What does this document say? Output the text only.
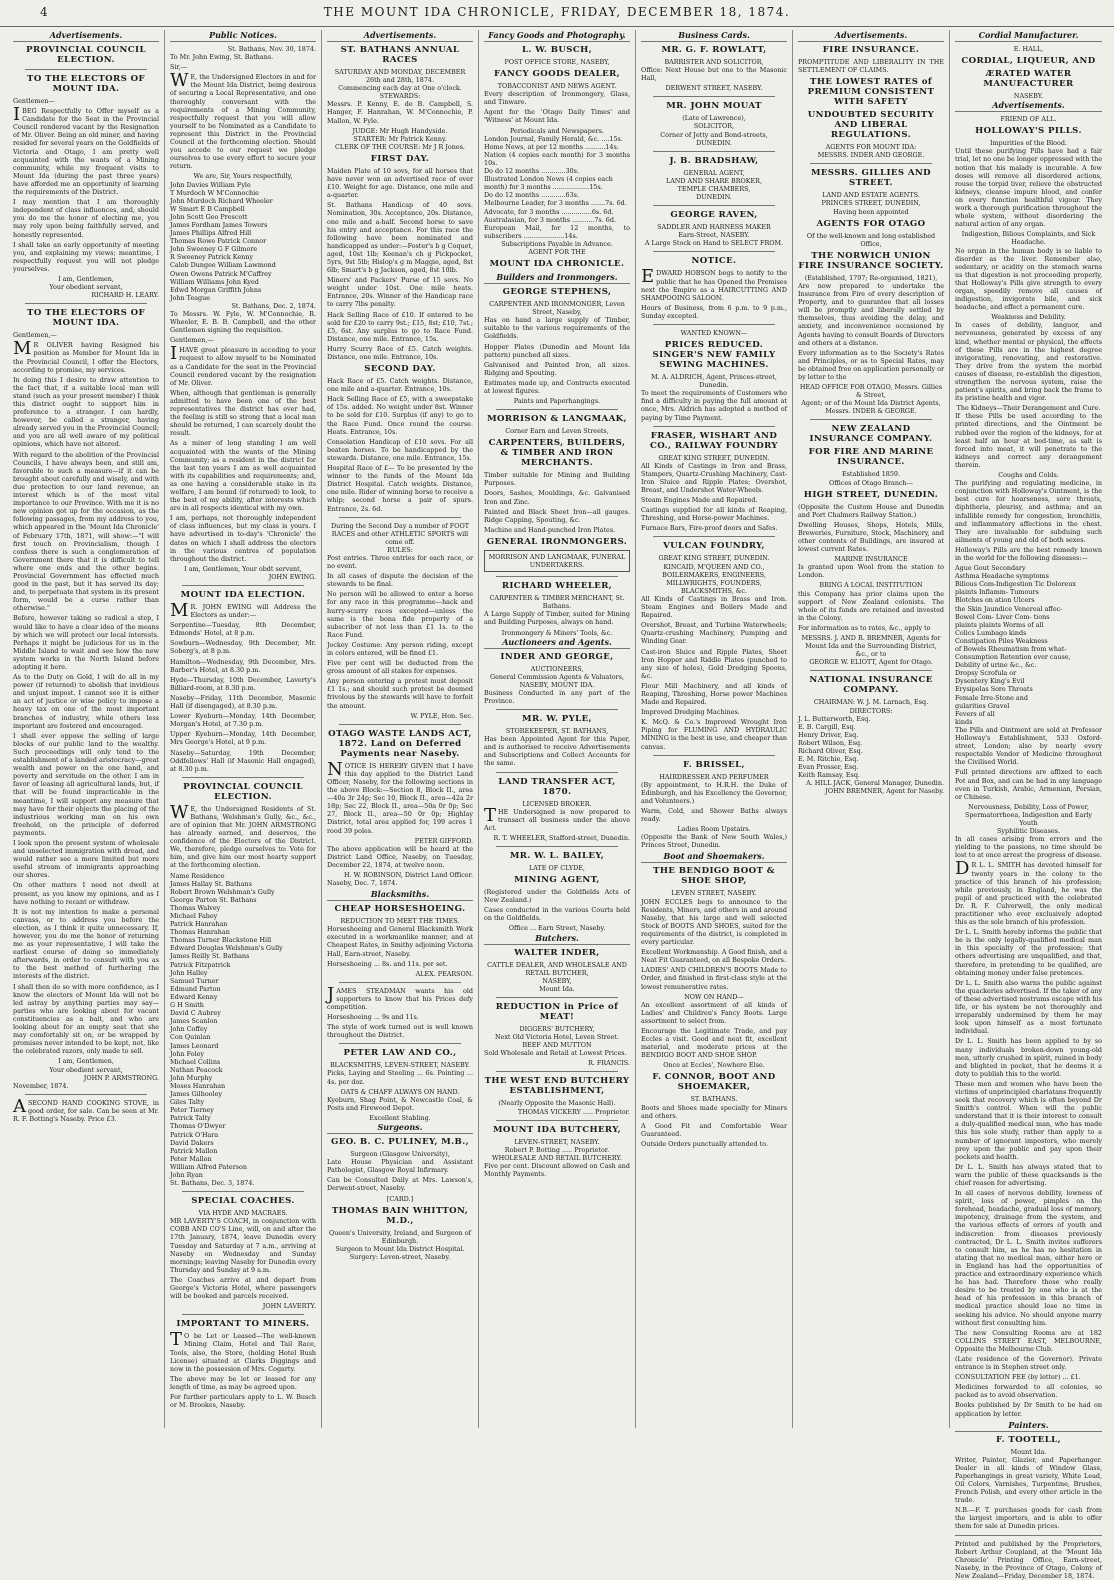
4	THE MOUNT IDA CHRONICLE, FRIDAY, DECEMBER 18, 1874.
Advertisements.
PROVINCIAL COUNCIL ELECTION.
TO THE ELECTORS OF MOUNT IDA.

Gentlemen—

IBEG Respectfully to Offer myself as a Candidate for the Seat in the Provincial Council rendered vacant by the Resignation of Mr. Oliver. Being an old miner, and having resided for several years on the Goldfields of Victoria and Otago, I am pretty well acquainted with the wants of a Mining community, while my frequent visits to Mount Ida (during the past three years) have afforded me an opportunity of learning the requirements of the District.

I may mention that I am thoroughly independent of class influences, and, should you do me the honor of electing me, you may rely upon being faithfully served, and honestly represented.

I shall take an early opportunity of meeting you, and explaining my views; meantime, I respectfully request you will not pledge yourselves.

I am, Gentlemen,
Your obedient servant,
RICHARD H. LEARY.
TO THE ELECTORS OF MOUNT IDA.

Gentlemen,—

MR OLIVER having Resigned his position as Member for Mount Ida in the Provincial Council, I offer the Electors, according to promise, my services.

In doing this I desire to draw attention to the fact that, if a suitable local man will stand (such as your present member) I think this district ought to support him in preference to a stranger. I can hardly, however, be called a stranger, having already served you in the Provincial Council; and you are all well aware of my political opinions, which have not altered.

With regard to the abolition of the Provincial Councils, I have always been, and still am, favorable to such a measure—if it can be brought about carefully and wisely, and with due protection to our land revenue, an interest which is of the most vital importance to our Province. With me it is no new opinion got up for the occasion, as the following passages, from my address to you, which appeared in the 'Mount Ida Chronicle' of February 17th, 1871, will show:—"I will first touch on Provincialism, though I confess there is such a conglomeration of Government there that it is difficult to tell where one ends and the other begins. Provincial Government has effected much good in the past, but it has served its day; and, to perpetuate that system in its present form, would be a curse rather than otherwise."

Before, however taking so radical a step, I would like to have a clear idea of the means by which we will protect our local interests. Perhaps it might be judicious for us in the Middle Island to wait and see how the new system works in the North Island before adopting it here.

As to the Duty on Gold, I will do all in my power (if returned) to abolish that invidious and unjust impost. I cannot see it is either an act of justice or wise policy to impose a heavy tax on one of the most important branches of industry, while others less important are fostered and encouraged.

I shall ever oppose the selling of large blocks of our public land to the wealthy. Such proceedings will only tend to the establishment of a landed aristocracy—great wealth and power on the one hand, and poverty and servitude on the other. I am in favor of leasing all agricultural lands, but, if that will be found impracticable in the meantime, I will support any measure that may have for their objects the placing of the industrious working man on his own freehold, on the principle of deferred payments.

I look upon the present system of wholesale and unselected immigration with dread, and would rather see a more limited but more useful stream of immigrants approaching our shores.

On other matters I need not dwell at present, as you know my opinions, and as I have nothing to recant or withdraw.

It is not my intention to make a personal canvass, or to address you before the election, as I think it quite unnecessary. If, however, you do me the honor of returning me as your representative, I will take the earliest course of doing so immediately afterwards, in order to consult with you as to the best method of furthering the interests of the district.

I shall then do so with more confidence, as I know the electors of Mount Ida will not be led astray by anything parties may say—parties who are looking about for vacant constituencies as a bait, and who are looking about for an empty seat that she may comfortably sit on, or be wrapped by promises never intended to be kept, not, like the celebrated razors, only made to sell.

I am, Gentlemen,
Your obedient servant,
JOHN P. ARMSTRONG.

November, 1874.

ASECOND HAND COOKING STOVE, in good order, for sale. Can be seen at Mr. R. F. Botting's Naseby. Price £3.

Public Notices.
St. Bathans, Nov. 30, 1874.

To Mr. John Ewing, St. Bathans.

Sir,—

WE, the Undersigned Electors in and for the Mount Ida District, being desirous of securing a Local Representative, and one thoroughly conversant with the requirements of a Mining Community, respectfully request that you will allow yourself to be Nominated as a Candidate to represent this District in the Provincial Council at the forthcoming election. Should you accede to our request we pledge ourselves to use every effort to secure your return.

We are, Sir, Yours respectfully,
John Davies William Fyle
T Murdoch W M'Connochie
John Murdoch Richard Wheeler
W Smart E B Campbell
John Scott Geo Prescott
James Fordham James Towers
James Phillips Alfred Hill
Thomas Rowe Patrick Connor
John Sweeney G F Gilmore
R Sweeney Patrick Kenny
Caleb Dungee William Lawmond
Owen Owens Patrick M'Caffrey
William Williams John Kyed
Edwd Morgan Griffith Johns
John Teague
St. Bathans, Dec. 2, 1874.

To Messrs. W. Fyle, W. M'Connochie, R. Wheeler, E. B. B. Campbell, and the other Gentlemen signing the requisition.

Gentlemen,—

IHAVE great pleasure in acceding to your request to allow myself to be Nominated as a Candidate for the seat in the Provincial Council rendered vacant by the resignation of Mr. Oliver.

When, although that gentleman is generally admitted to have been one of the best representatives the district has ever had, the feeling is still so strong that a local man should be returned, I can scarcely doubt the result.

As a miner of long standing I am well acquainted with the wants of the Mining Community; as a resident in the district for the last ten years I am as well acquainted with its capabilities and requirements; and, as one having a considerable stake in its welfare, I am bound (if returned) to look, to the best of my ability, after interests which are in all respects identical with my own.

I am, perhaps, not thoroughly independent of class influences, but my class is yours. I have advertised in to-day's 'Chronicle' the dates on which I shall address the electors in the various centres of population throughout the district.

I am, Gentlemen, Your obdt servant,
JOHN EWING.
MOUNT IDA ELECTION.

MR. JOHN EWING will Address the Electors as under:—

Serpentine—Tuesday, 8th December, Edmonds' Hotel, at 8 p.m.

Sowburn—Wednesday, 9th December, Mr. Soberg's, at 8 p.m.

Hamilton—Wednesday, 9th December, Mrs. Barber's Hotel, at 8.30 p.m.

Hyde—Thursday, 10th December, Laverty's Billiard-room, at 8.30 p.m.

Naseby—Friday, 11th December, Masonic Hall (if disengaged), at 8.30 p.m.

Lower Kyeburn—Monday, 14th December, Morgan's Hotel, at 7.30 p.m.

Upper Kyeburn—Monday, 14th December, Mrs George's Hotel, at 9 p.m.

Naseby—Saturday, 19th December, Oddfellows' Hall (if Masonic Hall engaged), at 8.30 p.m.

PROVINCIAL COUNCIL ELECTION.

WE, the Undersigned Residents of St. Bathans, Welshman's Gully, &c., &c., are of opinion that Mr. JOHN ARMSTRONG has already earned, and deserves, the confidence of the Electors of the District. We, therefore, pledge ourselves to: Vote for him, and give him our most hearty support at the forthcoming election.

Name Residence
James Hallay St. Bathans
Robert Brown Welshman's Gully
George Parton St. Bathans
Thomas Walvey
Michael Fahey
Patrick Hanrahan
Thomas Hanrahan
Thomas Turner Blackstone Hill
Edward Douglas Welshman's Gully
James Reilly St. Bathans
Patrick Fitzpatrick
John Halley
Samuel Turner
Edmund Parton
Edward Kenny
G H Smith
David C Aubrey
James Scanlon
John Coffey
Con Quinlan
James Leonard
John Foley
Michael Collins
Nathan Peacock
John Murphy
Moses Hanrahan
James Gilhooley
Giles Talty
Peter Tierney
Patrick Talty
Thomas O'Dwyer
Patrick O'Hara
David Dakers
Patrick Mallon
Peter Mallon
William Alfred Paterson
John Ryan
St. Bathans, Dec. 3, 1874.
SPECIAL COACHES.
VIA HYDE AND MACRAES.

MR LAVERTY'S COACH, in conjunction with COBB AND CO'S Line, will, on and after the 17th January, 1874, leave Dunedin every Tuesday and Saturday at 7 a.m., arriving at Naseby on Wednesday and Sunday mornings; leaving Naseby for Dunedin every Thursday and Sunday at 9 a.m.

The Coaches arrive at and depart from George's Victoria Hotel, where passengers will be booked and parcels received.

JOHN LAVERTY.
IMPORTANT TO MINERS.

TO be Let or Leased—The well-known Mining Claim, Hotel and Tail Race, Tools, also, the Store, (holding Hotel Bush License) situated at Clarks Diggings and now in the possession of Mrs. Cogarty.

The above may be let or leased for any length of time, as may be agreed upon.

For further particulars apply to L. W. Busch or M. Brookes, Naseby.

Advertisements.
ST. BATHANS ANNUAL RACES
SATURDAY AND MONDAY, DECEMBER 26th and 28th, 1874.
Commencing each day at One o'clock.
STEWARDS:

Messrs. P. Kenny, E. de B. Campbell, S. Hanger, F. Hanrahan, W. M'Connochie, P. Mallon, W. Fyle.

JUDGE: Mr Hugh Handyside.
STARTER: Mr Patrick Kenny.
CLERK OF THE COURSE: Mr J R Jones.
FIRST DAY.

Maiden Plate of 10 sovs, for all horses that have never won an advertised race of over £10. Weight for age. Distance, one mile and a-quarter.

St. Bathans Handicap of 40 sovs. Nomination, 30s. Acceptance, 20s. Distance, one mile and a-half. Second horse to save his entry and acceptance. For this race the following have been nominated and handicapped as under:—Foster's b g Coquet, aged, 10st 1lb; Keenan's ch g Pickpocket, 5yrs, 9st 5lb; Hislop's g m Maggie, aged, 8st 6lb; Smart's b g Jackson, aged, 8st 10lb.

Miners' and Packers' Purse of 15 sovs. No weight under 10st. One mile heats. Entrance, 20s. Winner of the Handicap race to carry 7lbs penalty.

Hack Selling Race of £10. If entered to be sold for £20 to carry 9st.; £15, 8st; £10, 7st.; £5, 6st. Any surplus to go to Race Fund. Distance, one mile. Entrance, 15s.

Hurry Scurry Race of £5. Catch weights. Distance, one mile. Entrance, 10s.

SECOND DAY.

Hack Race of £5. Catch weights. Distance, one mile and a-quarter. Entrance, 10s.

Hack Selling Race of £5, with a sweepstake of 15s. added. No weight under 8st. Winner to be sold for £10. Surplus (if any) to go to the Race Fund. Once round the course. Heats. Entrance, 10s.

Consolation Handicap of £10 sovs. For all beaten horses. To be handicapped by the stewards. Distance, one mile. Entrance, 15s.

Hospital Race of £— To be presented by the winner to the funds of the Mount Ida District Hospital. Catch weights. Distance, one mile. Rider of winning horse to receive a whip; second horse a pair of spurs. Entrance, 2s. 6d.

During the Second Day a number of FOOT RACES and other ATHLETIC SPORTS will come off.
RULES:

Post entries. Three entries for each race, or no event.

In all cases of dispute the decision of the stewards to be final.

No person will be allowed to enter a horse for any race in this programme—hack and hurry-scurry races excepted—unless the same is the bona fide property of a subscriber of not less than £1 1s. to the Race Fund.

Jockey Costume: Any person riding, except in colors entered, will be fined £1.

Five per cent will be deducted from the gross amount of all stakes for expenses.

Any person entering a protest must deposit £1 1s.; and should such protest be deemed frivolous by the stewards will have to forfeit the amount.

W. PYLE, Hon. Sec.
OTAGO WASTE LANDS ACT, 1872. Land on Deferred Payments near Naseby.

NOTICE IS HEREBY GIVEN that I have this day applied to the District Land Officer, Naseby, for the following sections in the above Block:—Section 8, Block II., area—40a 3r 24p; Sec 10, Block II., area—42a 2r 18p; Sec 22, Block II., area—50a 0r 0p; Sec 27, Block II., area—50 0r 0p; Highlay District, total area applied for, 199 acres 1 rood 39 poles.

PETER GIFFORD.

The above application will be heard at the District Land Office, Naseby, on Tuesday, December 22, 1874, at twelve noon.

H. W. ROBINSON, District Land Officer.

Naseby, Dec. 7, 1874.

Blacksmiths.
CHEAP HORSESHOEING.
REDUCTION TO MEET THE TIMES.

Horseshoeing and General Blacksmith Work executed in a workmanlike manner, and at Cheapest Rates, in Smithy adjoining Victoria Hall, Earn-street, Naseby.

Horseshoeing ... 8s. and 11s. per set.

ALEX. PEARSON.

JAMES STEADMAN wants his old supporters to know that his Prices defy competition.

Horseshoeing ... 9s and 11s.

The style of work turned out is well known throughout the District.

PETER LAW AND CO.,
BLACKSMITHS, LEVEN-STREET, NASEBY.

Picks, Laying and Steeling ... 6s. Pointing ... 4s. per doz.

OATS & CHAFF ALWAYS ON HAND.

Kyeburn, Shag Point, & Newcastle Coal, & Posts and Firewood Depot.

Excellent Stabling.
Surgeons.
GEO. B. C. PULINEY, M.B.,
Surgeon (Glasgow University),

Late House Physician and Assistant Pathologist, Glasgow Royal Infirmary.

Can be Consulted Daily at Mrs. Lawson's, Derwent-street, Naseby.

[CARD.]
THOMAS BAIN WHITTON, M.D.,
Queen's University, Ireland, and Surgeon of Edinburgh.
Surgeon to Mount Ida District Hospital.
Surgery: Leven-street, Naseby.
Fancy Goods and Photography.
L. W. BUSCH,
POST OFFICE STORE, NASEBY,
FANCY GOODS DEALER,
TOBACCONIST AND NEWS AGENT.

Every description of Ironmongery, Glass, and Tinware.

Agent for the 'Otago Daily Times' and 'Witness' at Mount Ida.

Periodicals and Newspapers.
London Journal, Family Herald, &c. ....15s.
Home News, at per 12 months ..........14s.
Nation (4 copies each month) for 3 months 10s.
Do do 12 months ............30s.
Illustrated London News (4 copies each
month) for 3 months ..................15s.
Do do 12 months ............63s.
Melbourne Leader, for 3 months .......7s. 6d.
Advocate, for 3 months ...............6s. 6d.
Australasian, for 3 months ...........7s. 6d.
European Mail, for 12 months, to subscribers ....................14s.
Subscriptions Payable in Advance.
AGENT FOR THE
MOUNT IDA CHRONICLE.
Builders and Ironmongers.
GEORGE STEPHENS,
CARPENTER AND IRONMONGER, Leven Street, Naseby,

Has on hand a large supply of Timber, suitable to the various requirements of the Goldfields.

Hopper Plates (Dunedin and Mount Ida pattern) punched all sizes.

Galvanised and Painted Iron, all sizes. Ridging and Spouting.

Estimates made up, and Contracts executed at lowest figures.

Paints and Paperhangings.
MORRISON & LANGMAAK,
Corner Earn and Leven Streets,
CARPENTERS, BUILDERS, & TIMBER AND IRON MERCHANTS.

Timber suitable for Mining and Building Purposes.

Doors, Sashes, Mouldings, &c. Galvanised Iron and Zinc.

Painted and Black Sheet Iron—all gauges. Ridge Capping, Spouting, &c.

Machine and Hand-punched Iron Plates.

GENERAL IRONMONGERS.
MORRISON AND LANGMAAK, FUNERAL UNDERTAKERS.
RICHARD WHEELER,
CARPENTER & TIMBER MERCHANT, St. Bathans.

A Large Supply of Timber, suited for Mining and Building Purposes, always on hand.

Ironmongery & Miners' Tools, &c.
Auctioneers and Agents.
INDER AND GEORGE,
AUCTIONEERS,
General Commission Agents & Valuators, NASEBY, MOUNT IDA.

Business Conducted in any part of the Province.

MR. W. PYLE,
STOREKEEPER, ST. BATHANS,

Has been Appointed Agent for this Paper, and is authorised to receive Advertisements and Subscriptions and Collect Accounts for the same.

LAND TRANSFER ACT, 1870.
LICENSED BROKER.

THE Undersigned is now prepared to transact all business under the above Act.

R. T. WHEELER, Stafford-street, Dunedin.
MR. W. L. BAILEY,
LATE OF CLYDE,
MINING AGENT,

(Registered under the Goldfields Acts of New Zealand.)

Cases conducted in the various Courts held on the Goldfields.

Office ... Earn Street, Naseby.
Butchers.
WALTER INDER,
CATTLE DEALER, AND WHOLESALE AND RETAIL BUTCHER,
NASEBY,
Mount Ida.
REDUCTION in Price of MEAT!
DIGGERS' BUTCHERY,
Next Old Victoria Hotel, Leven Street.
BEEF AND MUTTON

Sold Wholesale and Retail at Lowest Prices.

R. FRANCIS.
THE WEST END BUTCHERY ESTABLISHMENT,
(Nearly Opposite the Masonic Hall).
THOMAS VICKERY ..... Proprietor.
MOUNT IDA BUTCHERY,
LEVEN-STREET, NASEBY.
Robert P. Botting ..... Proprietor.
WHOLESALE AND RETAIL BUTCHERY.

Five per cent. Discount allowed on Cash and Monthly Payments.

Business Cards.
MR. G. F. ROWLATT,
BARRISTER AND SOLICITOR,

Office: Next House but one to the Masonic Hall,

DERWENT STREET, NASEBY.
MR. JOHN MOUAT
(Late of Lawrence),
SOLICITOR,
Corner of Jetty and Bond-streets,
DUNEDIN.
J. B. BRADSHAW,
GENERAL AGENT,
LAND AND SHARE BROKER,
TEMPLE CHAMBERS,
DUNEDIN.
GEORGE RAVEN,
SADDLER AND HARNESS MAKER
Earn-Street, NASEBY.
A Large Stock on Hand to SELECT FROM.
NOTICE.

EDWARD HOBSON begs to notify to the public that he has Opened the Premises next the Empire as a HAIRCUTTING AND SHAMPOOING SALOON.

Hours of Business, from 6 p.m. to 9 p.m., Sunday excepted.

WANTED KNOWN—
PRICES REDUCED. SINGER'S NEW FAMILY SEWING MACHINES.
M. A. ALDRICH, Agent, Princes-street, Dunedin.

To meet the requirements of Customers who find a difficulty in paying the full amount at once, Mrs. Aldrich has adopted a method of paying by Time Payment.

FRASER, WISHART AND CO., RAILWAY FOUNDRY
GREAT KING STREET, DUNEDIN.

All Kinds of Castings in Iron and Brass, Stampers, Quartz-Crushing Machinery, Cast-Iron Sluice and Ripple Plates; Overshot, Breast, and Undershot Water-Wheels.

Steam Engines Made and Repaired.

Castings supplied for all kinds of Reaping, Threshing, and Horse-power Machines.

Furnace Bars, Fire-proof doors and Safes.

VULCAN FOUNDRY,
GREAT KING STREET, DUNEDIN.
KINCAID, M'QUEEN AND CO.,
BOILERMAKERS, ENGINEERS, MILLWRIGHTS, FOUNDERS, BLACKSMITHS, &c.

All Kinds of Castings in Brass and Iron. Steam Engines and Boilers Made and Repaired.

Overshot, Breast, and Turbine Waterwheels; Quartz-crushing Machinery, Pumping and Winding Gear.

Cast-iron Sluice and Ripple Plates, Sheet Iron Hopper and Riddle Plates (punched to any size of holes), Gold Dredging Spoons, &c.

Flour Mill Machinery, and all kinds of Reaping, Threshing, Horse power Machines Made and Repaired.

Improved Dredging Machines.

K. McQ. & Co.'s Improved Wrought Iron Piping for FLUMING AND HYDRAULIC MINING is the best in use, and cheaper than canvas.

F. BRISSEL,
HAIRDRESSER AND PERFUMER

(By appointment, to H.R.H. the Duke of Edinburgh, and his Excellency the Governor, and Volunteers.)

Warm, Cold, and Shower Baths always ready.

Ladies Room Upstairs.

(Opposite the Bank of New South Wales,) Princes Street, Dunedin.

Boot and Shoemakers.
THE BENDIGO BOOT & SHOE SHOP,
LEVEN STREET, NASEBY.

JOHN ECCLES begs to announce to the Residents, Miners, and others in and around Naseby, that his large and well selected Stock of BOOTS AND SHOES, suited for the requirements of the district, is completed in every particular.

Excellent Workmanship. A Good finish, and a Neat Fit Guaranteed, on all Bespoke Orders.

LADIES' AND CHILDREN'S BOOTS Made to Order, and finished in first-class style at the lowest remunerative rates.

NOW ON HAND—

An excellent assortment of all kinds of Ladies' and Children's Fancy Boots. Large assortment to select from.

Encourage the Legitimate Trade, and pay Eccles a visit. Good and neat fit, excellent material, and moderate prices at the BENDIGO BOOT AND SHOE SHOP.

Once at Eccles', Nowhere Else.
F. CONNOR, BOOT AND SHOEMAKER,
ST. BATHANS.

Boots and Shoes made specially for Miners and others.

A Good Fit and Comfortable Wear Guaranteed.

Outside Orders punctually attended to.

Advertisements.
FIRE INSURANCE.

PROMPTITUDE AND LIBERALITY IN THE SETTLEMENT OF CLAIMS.

THE LOWEST RATES of PREMIUM CONSISTENT WITH SAFETY
UNDOUBTED SECURITY AND LIBERAL REGULATIONS.
AGENTS FOR MOUNT IDA:
MESSRS. INDER AND GEORGE.
MESSRS. GILLIES AND STREET.
LAND AND ESTATE AGENTS.
PRINCES STREET, DUNEDIN,
Having been appointed
AGENTS FOR OTAGO
Of the well-known and long established Office,
THE NORWICH UNION FIRE INSURANCE SOCIETY.
(Established, 1797; Re-organised, 1821),

Are now prepared to undertake the Insurance from Fire of every description of Property, and to guarantee that all losses will be promptly and liberally settled by themselves, thus avoiding the delay, and anxiety, and inconvenience occasioned by Agents having to consult Boards of Directors and others at a distance.

Every information as to the Society's Rates and Principles, or as to Special Rates, may be obtained free on application personally or by letter to the

HEAD OFFICE FOR OTAGO, Messrs. Gillies & Street,
Agent; or of the Mount Ida District Agents, Messrs. INDER & GEORGE.
NEW ZEALAND INSURANCE COMPANY.
FOR FIRE AND MARINE INSURANCE.
Established 1859.
Offices of Otago Branch—
HIGH STREET, DUNEDIN.

(Opposite the Custom House and Dunedin and Port Chalmers Railway Station.)

Dwelling Houses, Shops, Hotels, Mills, Breweries, Furniture, Stock, Machinery, and other contents of Buildings, are insured at lowest current Rates.

MARINE INSURANCE

Is granted upon Wool from the station to London.

BRING A LOCAL INSTITUTION

this Company has prior claims upon the support of New Zealand colonists. The whole of its funds are retained and invested in the Colony.

For information as to rates, &c., apply to

MESSRS. J. AND R. BREMNER, Agents for Mount Ida and the Surrounding District, &c., or to
GEORGE W. ELIOTT, Agent for Otago.
NATIONAL INSURANCE COMPANY.
CHAIRMAN: W. J. M. Larnach, Esq.
DIRECTORS:
J. L. Butterworth, Esq.
E. B. Cargill, Esq.
Henry Driver, Esq.
Robert Wilson, Esq.
Richard Oliver, Esq.
E. M. Ritchie, Esq.
Evan Prosser, Esq.
Keith Ramsay, Esq.
A. HILL JACK, General Manager, Dunedin.
JOHN BREMNER, Agent for Naseby.
Cordial Manufacturer.
E. HALL,
CORDIAL, LIQUEUR, AND
ÆRATED WATER MANUFACTURER
NASEBY.
Advertisements.
FRIEND OF ALL.
HOLLOWAY'S PILLS.
Impurities of the Blood.

Until these purifying Pills have had a fair trial, let no one be longer oppressed with the notion that his malady is incurable. A few doses will remove all disordered actions, rouse the torpid liver, relieve the obstructed kidneys, cleanse impure blood, and confer on every function healthful vigour. They work a thorough purification throughout the whole system, without disordering the natural action of any organ.

Indigestion, Bilious Complaints, and Sick Headache.

No organ in the human body is so liable to disorder as the liver. Remember also, sedentary, or acidity on the stomach warns us that digestion is not proceeding properly, that Holloway's Pills give strength to every organ, speedily remove all causes of indigestion, invigorate bile, and sick headache, and effect a permanent cure.

Weakness and Debility.

In cases of debility, languor, and nervousness, generated by excess of any kind, whether mental or physical, the effects of these Pills are in the highest degree invigorating, renovating, and restorative. They drive from the system the morbid causes of disease, re-establish the digestion, strengthen the nervous system, raise the patient's spirits, and bring back the frame to its pristine health and vigor.

The Kidneys—Their Derangement and Cure.

If these Pills be used according to the printed directions, and the Ointment be rubbed over the region of the kidneys, for at least half an hour at bed-time, as salt is forced into meat, it will penetrate to the kidneys and correct any derangement therein.

Coughs and Colds.

The purifying and regulating medicine, in conjunction with Holloway's Ointment, is the best cure for hoarseness, sore throats, diphtheria, pleurisy, and asthma; and an infallible remedy for congestion, bronchitis, and inflammatory affections in the chest. They are invaluable for subduing such ailments of young and old of both sexes.

Holloway's Pills are the best remedy known in the world for the following diseases:—

Ague Gout Secondary
Asthma Headache symptoms
Bilious Com-Indigestion Tic Doloreux
plaints Inflamm- Tumours
Blotches on ation Ulcers
the Skin Jaundice Venereal affec-
Bowel Com- Liver Com- tions
plaints plaints Worms of all
Colics Lumbago kinds
Constipation Piles Weakness
of Bowels Rheumatism from what-
Consumption Retention ever cause,
Debility of urine &c., &c.
Dropsy Scrofula or
Dysentery King's Evil
Erysipelas Sore Throats
Female Irre-Stone and
gularities Gravel
Fevers of all
kinds

The Pills and Ointment are sold at Professor Holloway's Establishment, 533 Oxford-street, London; also by nearly every respectable Vendor of Medicine throughout the Civilised World.

Full printed directions are affixed to each Pot and Box, and can be had in any language even in Turkish, Arabic, Armenian, Persian, or Chinese.

Nervousness, Debility, Loss of Power, Spermatorrhoea, Indigestion and Early Youth
Syphilitic Diseases.

In all cases arising from errors and the yielding to the passions, no time should be lost to at once arrest the progress of disease.

DR L. L. SMITH has devoted himself for twenty years in the colony to the practice of this branch of his profession; while previously, in England, he was the pupil of and practiced with the celebrated Dr. R. F. Culverwell, the only medical practitioner who ever exclusively adopted this as the sole branch of his profession.

Dr L. L. Smith hereby informs the public that he is the only legally-qualified medical man in this specialty of the profession; that others advertising are unqualified, and that, therefore, in pretending to be qualified, are obtaining money under false pretences.

Dr L. L. Smith also warns the public against the quackeries advertised. If the taker of any of these advertised nostrums escape with his life, or his system be not thoroughly and irreparably undermined by them he may look upon himself as a most fortunate individual.

Dr L. L. Smith has been applied to by so many individuals broken-down young-old men, utterly crushed in spirit, ruined in body and blighted in pocket, that he deems it a duty to publish this to the world.

These men and women who have been the victims of unprincipled charlatans frequently seek that recovery which is often beyond Dr Smith's control. When will the public understand that it is their interest to consult a duly-qualified medical man, who has made this his sole study, rather than apply to a number of ignorant impostors, who merely prey upon the public and pay upon their pockets and health.

Dr L. L. Smith has always stated that to warn the public of these quacksands is the chief reason for advertising.

In all cases of nervous debility, lowness of spirit, loss of power, pimples on the forehead, headache, gradual loss of memory, impotency, drainage from the system, and the various effects of errors of youth and indiscretion from diseases previously contracted, Dr L. L. Smith invites sufferers to consult him, as he has no hesitation in stating that no medical man, either here or in England has had the opportunities of practice and extraordinary experience which he has had. Therefore those who really desire to be treated by one who is at the head of his profession in this branch of medical practice should lose no time in seeking his advice. No should anyone marry without first consulting him.

The new Consulting Rooms are at 182 COLLINS STREET EAST, MELBOURNE, Opposite the Melbourne Club.

(Late residence of the Governor). Private entrance is in Stephen street only.

CONSULTATION FEE (by letter) ... £1.

Medicines forwarded to all colonies, so packed as to avoid observation.

Books published by Dr Smith to be had on application by letter.

Painters.
F. TOOTELL,
Mount Ida.

Writer, Painter, Glazier, and Paperhanger. Dealer in all kinds of Window Glass, Paperhangings in great variety, White Lead, Oil Colors, Varnishes, Turpentine, Brushes, French Polish, and every other article in the trade.

N.B.—F. T. purchases goods for cash from the largest importers, and is able to offer them for sale at Dunedin prices.

Printed and published by the Proprietors, Robert Arthur Coupland, at the 'Mount Ida Chronicle' Printing Office, Earn-street, Naseby, in the Province of Otago, Colony of New Zealand—Friday, December 18, 1874.
